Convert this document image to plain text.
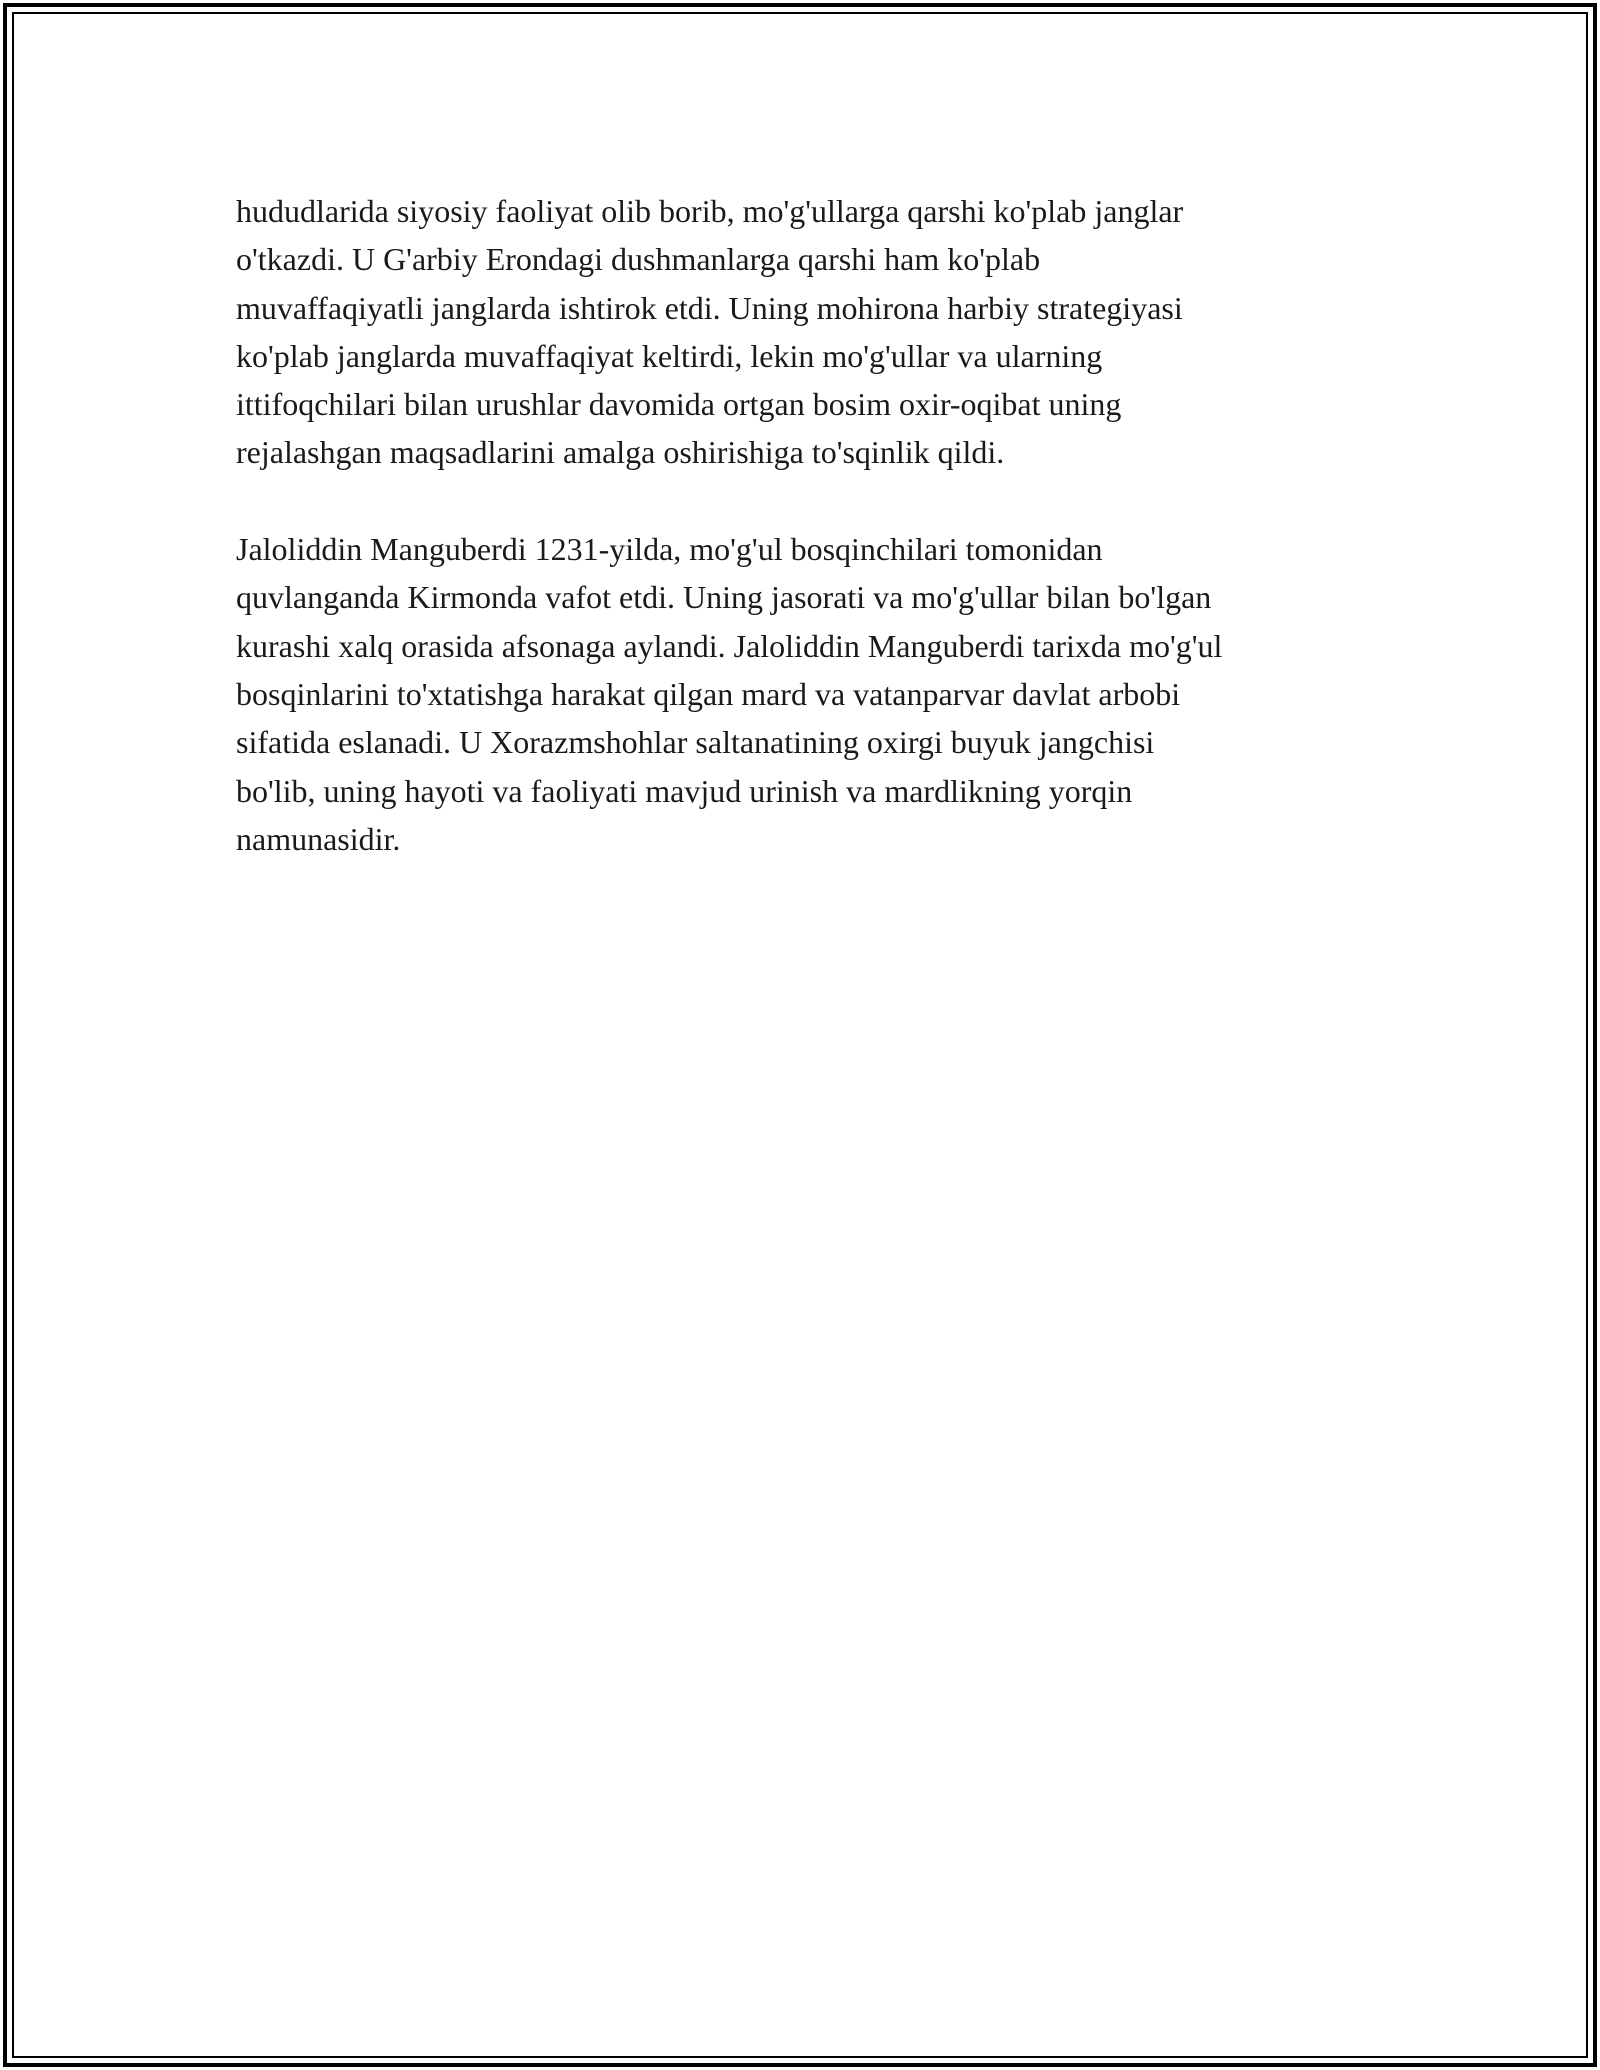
hududlarida siyosiy faoliyat olib borib, mo'g'ullarga qarshi ko'plab janglar
o'tkazdi. U G'arbiy Erondagi dushmanlarga qarshi ham ko'plab
muvaffaqiyatli janglarda ishtirok etdi. Uning mohirona harbiy strategiyasi
ko'plab janglarda muvaffaqiyat keltirdi, lekin mo'g'ullar va ularning
ittifoqchilari bilan urushlar davomida ortgan bosim oxir-oqibat uning
rejalashgan maqsadlarini amalga oshirishiga to'sqinlik qildi.

Jaloliddin Manguberdi 1231-yilda, mo'g'ul bosqinchilari tomonidan
quvlanganda Kirmonda vafot etdi. Uning jasorati va mo'g'ullar bilan bo'lgan
kurashi xalq orasida afsonaga aylandi. Jaloliddin Manguberdi tarixda mo'g'ul
bosqinlarini to'xtatishga harakat qilgan mard va vatanparvar davlat arbobi
sifatida eslanadi. U Xorazmshohlar saltanatining oxirgi buyuk jangchisi
bo'lib, uning hayoti va faoliyati mavjud urinish va mardlikning yorqin
namunasidir.
